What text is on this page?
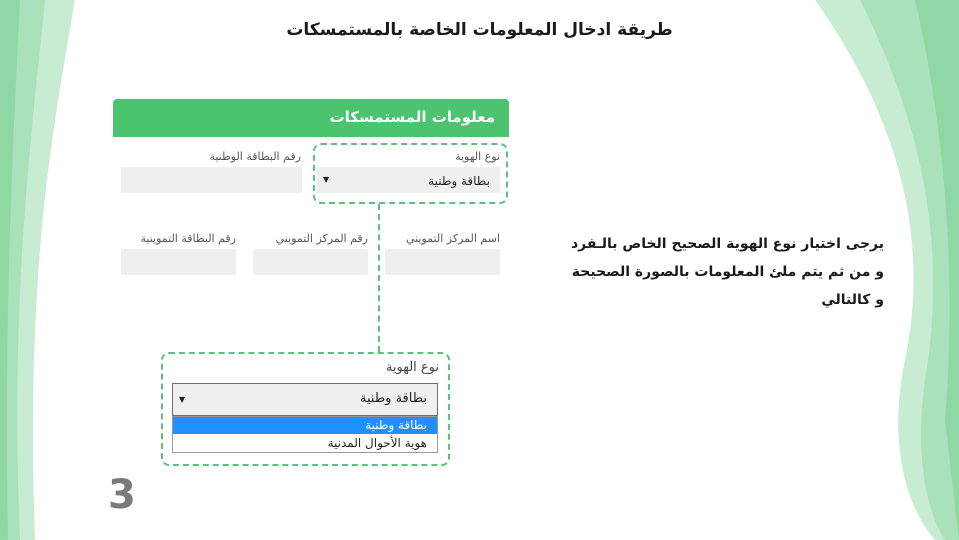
طريقة ادخال المعلومات الخاصة بالمستمسكات
معلومات المستمسكات
نوع الهوية
▼	بطاقة وطنية
رقم البطاقة الوطنية
اسم المركز التمويني
رقم المركز التمويني
رقم البطاقة التموينية
نوع الهوية
▼	بطاقة وطنية
بطاقة وطنية
هوية الأحوال المدنية
يرجى اختيار نوع الهوية الصحيح الخاص بالـفرد
و من ثم يتم ملئ المعلومات بالصورة الصحيحة
و كالتالي
3
